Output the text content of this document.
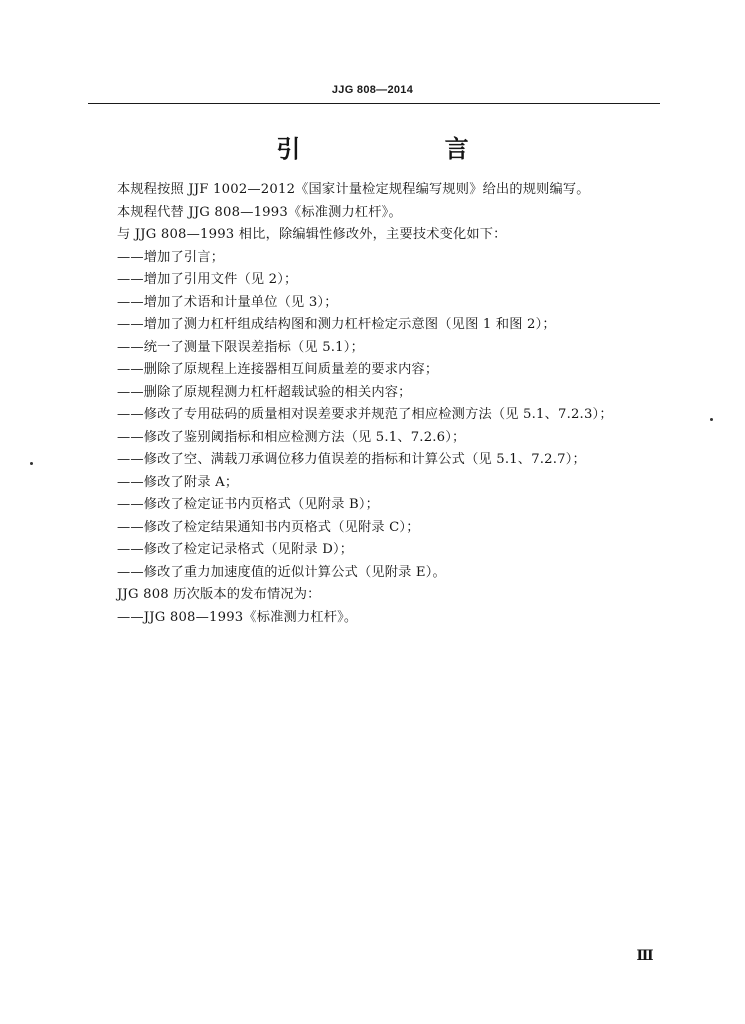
JJG 808—2014
引 言
本规程按照 JJF 1002—2012《国家计量检定规程编写规则》给出的规则编写。
本规程代替 JJG 808—1993《标准测力杠杆》。
与 JJG 808—1993 相比，除编辑性修改外，主要技术变化如下：
——增加了引言；
——增加了引用文件（见 2）；
——增加了术语和计量单位（见 3）；
——增加了测力杠杆组成结构图和测力杠杆检定示意图（见图 1 和图 2）；
——统一了测量下限误差指标（见 5.1）；
——删除了原规程上连接器相互间质量差的要求内容；
——删除了原规程测力杠杆超载试验的相关内容；
——修改了专用砝码的质量相对误差要求并规范了相应检测方法（见 5.1、7.2.3）；
——修改了鉴别阈指标和相应检测方法（见 5.1、7.2.6）；
——修改了空、满载刀承调位移力值误差的指标和计算公式（见 5.1、7.2.7）；
——修改了附录 A；
——修改了检定证书内页格式（见附录 B）；
——修改了检定结果通知书内页格式（见附录 C）；
——修改了检定记录格式（见附录 D）；
——修改了重力加速度值的近似计算公式（见附录 E）。
JJG 808 历次版本的发布情况为：
——JJG 808—1993《标准测力杠杆》。
Ⅲ
